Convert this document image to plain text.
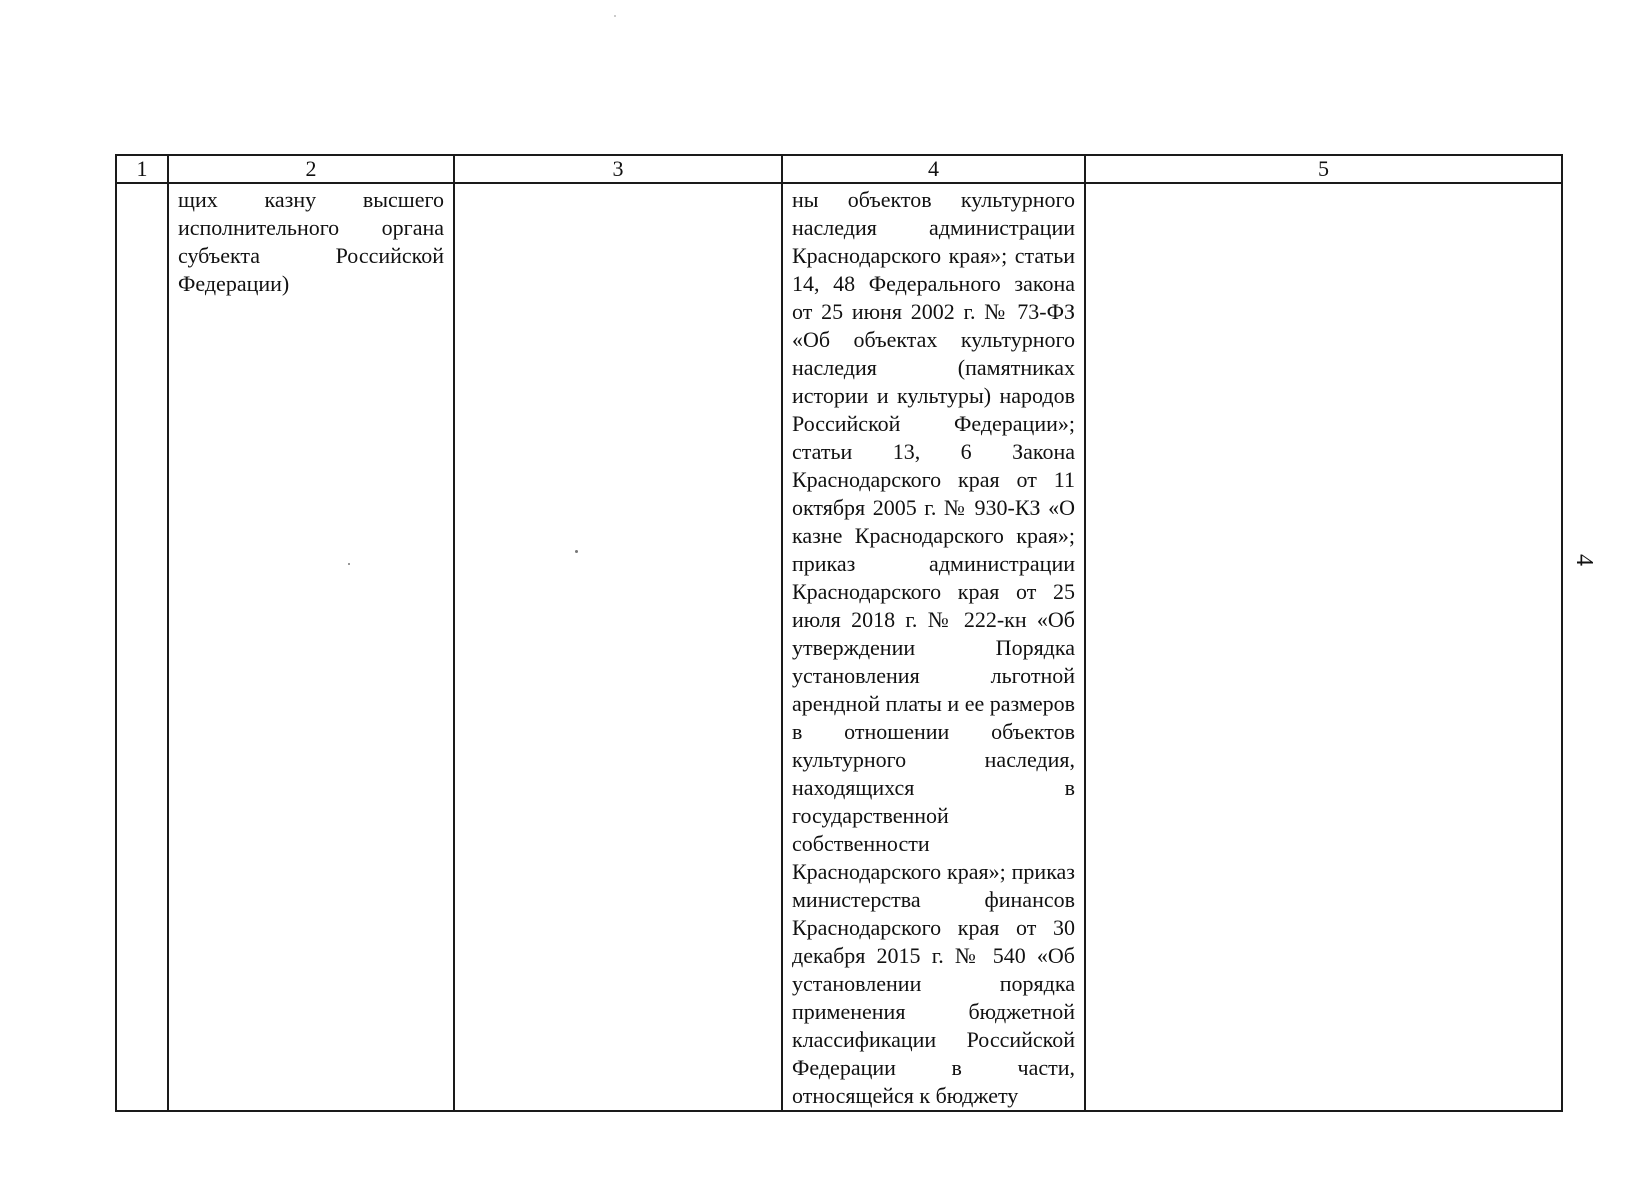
1	2	3	4	5

	щих казну высшего исполнительного органа субъекта Российской Федерации)		ны объектов культурного наследия администрации Краснодарского края»; статьи 14, 48 Федерального закона от 25 июня 2002 г. № 73-ФЗ «Об объектах культурного наследия (памятниках истории и культуры) народов Российской Федерации»; статьи 13, 6 Закона Краснодарского края от 11 октября 2005 г. № 930-КЗ «О казне Краснодарского края»; приказ администрации Краснодарского края от 25 июля 2018 г. № 222-кн «Об утверждении Порядка установления льготной арендной платы и ее размеров в отношении объектов культурного наследия, находящихся в государственной собственности Краснодарского края»; приказ министерства финансов Краснодарского края от 30 декабря 2015 г. № 540 «Об установлении порядка применения бюджетной классификации Российской Федерации в части, относящейся к бюджету	

4
